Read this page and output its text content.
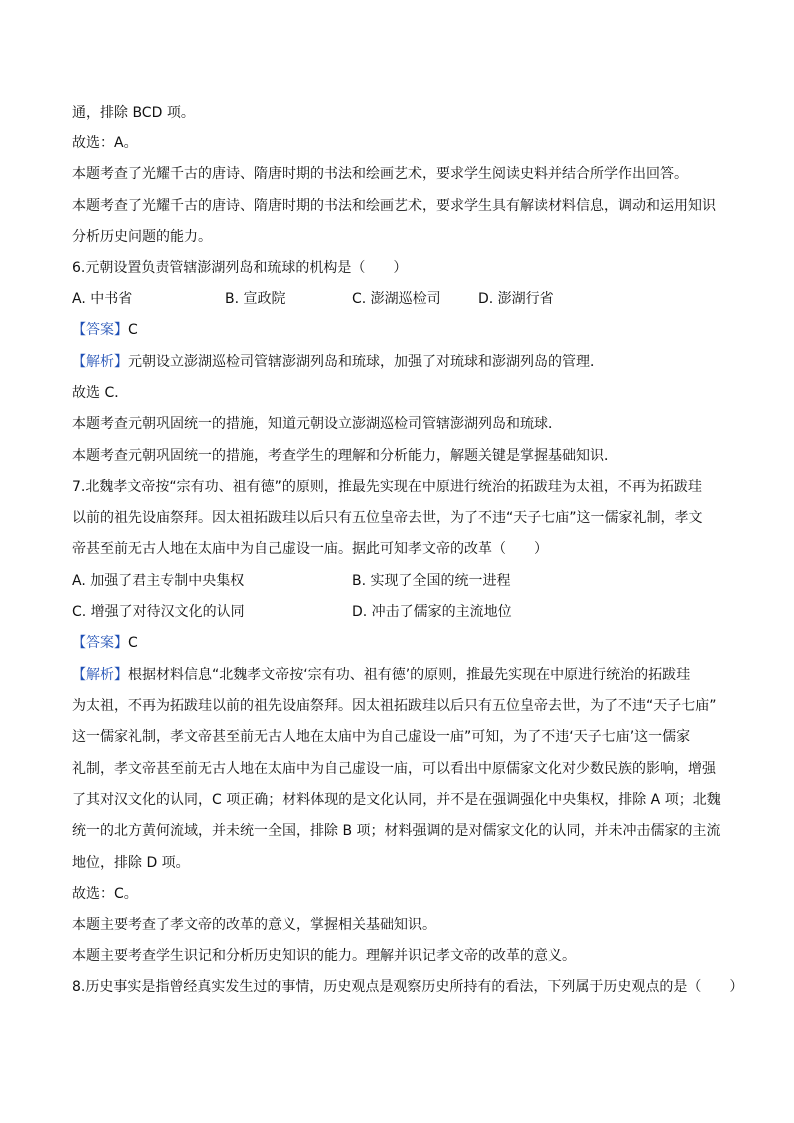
通，排除 BCD 项。
故选：A。
本题考查了光耀千古的唐诗、隋唐时期的书法和绘画艺术，要求学生阅读史料并结合所学作出回答。
本题考查了光耀千古的唐诗、隋唐时期的书法和绘画艺术，要求学生具有解读材料信息，调动和运用知识
分析历史问题的能力。
6.元朝设置负责管辖澎湖列岛和琉球的机构是（　　）
A. 中书省	B. 宣政院	C. 澎湖巡检司	D. 澎湖行省
【答案】C
【解析】元朝设立澎湖巡检司管辖澎湖列岛和琉球，加强了对琉球和澎湖列岛的管理．
故选 C．
本题考查元朝巩固统一的措施，知道元朝设立澎湖巡检司管辖澎湖列岛和琉球．
本题考查元朝巩固统一的措施，考查学生的理解和分析能力，解题关键是掌握基础知识．
7.北魏孝文帝按“宗有功、祖有德”的原则，推最先实现在中原进行统治的拓跋珪为太祖，不再为拓跋珪
以前的祖先设庙祭拜。因太祖拓跋珪以后只有五位皇帝去世，为了不违“天子七庙”这一儒家礼制，孝文
帝甚至前无古人地在太庙中为自己虚设一庙。据此可知孝文帝的改革（　　）
A. 加强了君主专制中央集权	B. 实现了全国的统一进程
C. 增强了对待汉文化的认同	D. 冲击了儒家的主流地位
【答案】C
【解析】根据材料信息“北魏孝文帝按‘宗有功、祖有德’的原则，推最先实现在中原进行统治的拓跋珪
为太祖，不再为拓跋珪以前的祖先设庙祭拜。因太祖拓跋珪以后只有五位皇帝去世，为了不违“天子七庙”
这一儒家礼制，孝文帝甚至前无古人地在太庙中为自己虚设一庙”可知，为了不违‘天子七庙’这一儒家
礼制，孝文帝甚至前无古人地在太庙中为自己虚设一庙，可以看出中原儒家文化对少数民族的影响，增强
了其对汉文化的认同，C 项正确；材料体现的是文化认同，并不是在强调强化中央集权，排除 A 项；北魏
统一的北方黄何流域，并未统一全国，排除 B 项；材料强调的是对儒家文化的认同，并未冲击儒家的主流
地位，排除 D 项。
故选：C。
本题主要考查了孝文帝的改革的意义，掌握相关基础知识。
本题主要考查学生识记和分析历史知识的能力。理解并识记孝文帝的改革的意义。
8.历史事实是指曾经真实发生过的事情，历史观点是观察历史所持有的看法，下列属于历史观点的是（　　）
